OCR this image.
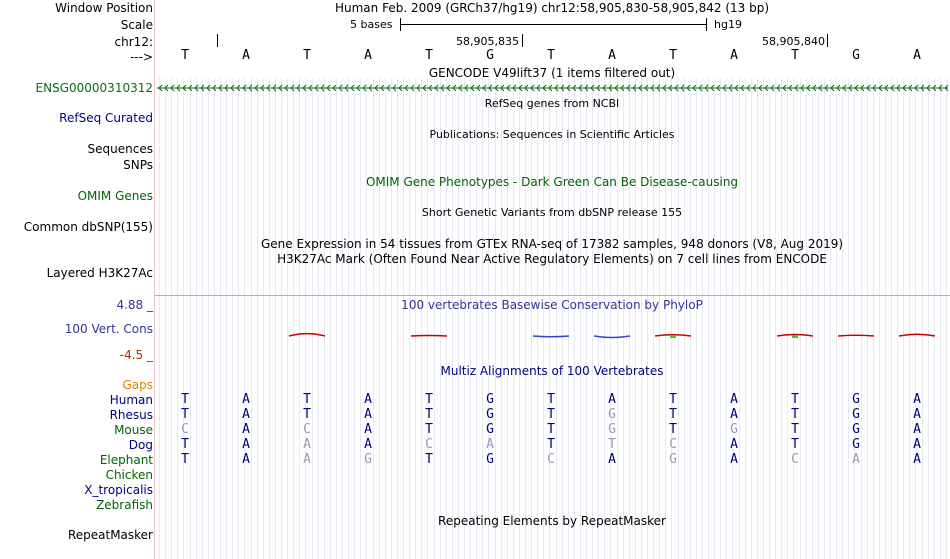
Window Position
Scale
chr12:
--->
Human Feb. 2009 (GRCh37/hg19) chr12:58,905,830-58,905,842 (13 bp)
5 bases	hg19
58,905,835	58,905,840
GENCODE V49lift37 (1 items filtered out)
ENSG00000310312
RefSeq genes from NCBI
RefSeq Curated
Publications: Sequences in Scientific Articles
Sequences
SNPs
OMIM Gene Phenotypes - Dark Green Can Be Disease-causing
OMIM Genes
Short Genetic Variants from dbSNP release 155
Common dbSNP(155)
Gene Expression in 54 tissues from GTEx RNA-seq of 17382 samples, 948 donors (V8, Aug 2019)
H3K27Ac Mark (Often Found Near Active Regulatory Elements) on 7 cell lines from ENCODE
Layered H3K27Ac
4.88 _	100 vertebrates Basewise Conservation by PhyloP
100 Vert. Cons
-4.5 _
Multiz Alignments of 100 Vertebrates
Gaps
Repeating Elements by RepeatMasker
RepeatMasker
T	A	T	A	T	G	T	A	T	A	T	G	A
Human T	A	T	A	T	G	T	A	T	A	T	G	A
Rhesus T	A	T	A	T	G	T	G	T	A	T	G	A
Mouse C	A	C	A	T	G	T	G	T	G	T	G	A
Dog T	A	A	A	C	A	T	T	C	A	T	G	A
Elephant T	A	A	G	T	G	C	A	G	A	C	A	A
Chicken
X_tropicalis
Zebrafish
